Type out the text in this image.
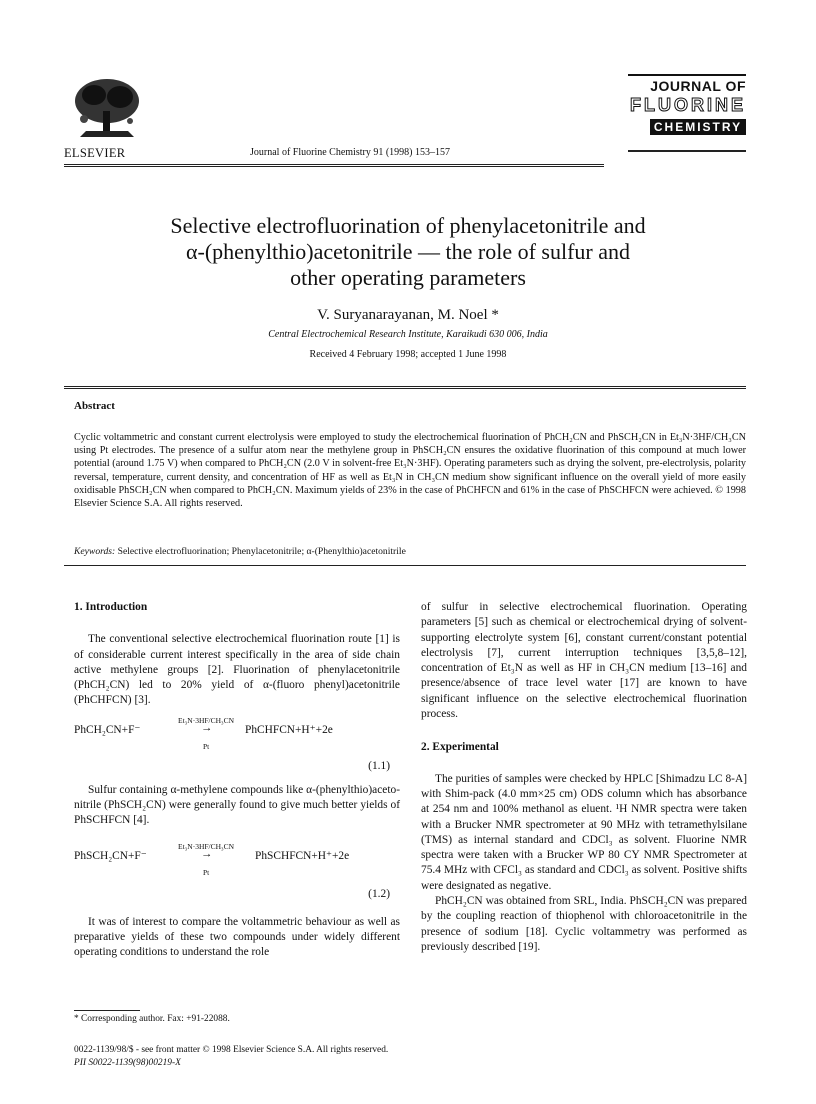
ELSEVIER	Journal of Fluorine Chemistry 91 (1998) 153–157
JOURNAL OF
FLUORINE
CHEMISTRY
Selective electrofluorination of phenylacetonitrile and
α-(phenylthio)acetonitrile — the role of sulfur and
other operating parameters
V. Suryanarayanan, M. Noel *
Central Electrochemical Research Institute, Karaikudi 630 006, India
Received 4 February 1998; accepted 1 June 1998
Abstract
Cyclic voltammetric and constant current electrolysis were employed to study the electrochemical fluorination of PhCH₂CN and PhSCH₂CN in Et₃N·3HF/CH₃CN using Pt electrodes. The presence of a sulfur atom near the methylene group in PhSCH₂CN ensures the oxidative fluorination of this compound at much lower potential (around 1.75 V) when compared to PhCH₂CN (2.0 V in solvent-free Et₃N·3HF). Operating parameters such as drying the solvent, pre-electrolysis, polarity reversal, temperature, current density, and concentration of HF as well as Et₃N in CH₃CN medium show significant influence on the overall yield of more easily oxidisable PhSCH₂CN when compared to PhCH₂CN. Maximum yields of 23% in the case of PhCHFCN and 61% in the case of PhSCHFCN were achieved. © 1998 Elsevier Science S.A. All rights reserved.
Keywords: Selective electrofluorination; Phenylacetonitrile; α-(Phenylthio)acetonitrile
1. Introduction
The conventional selective electrochemical fluorination route [1] is of considerable current interest specifically in the area of side chain active methylene groups [2]. Fluorination of phenylacetonitrile (PhCH₂CN) led to 20% yield of α-(fluoro phenyl)acetonitrile (PhCHFCN) [3].
Et₃N·3HF/CH₃CN
PhCH₂CN+F⁻	→
Pt
PhCHFCN+H⁺+2e
(1.1)
Sulfur containing α-methylene compounds like α-(phenylthio)aceto-nitrile (PhSCH₂CN) were generally found to give much better yields of PhSCHFCN [4].
Et₃N·3HF/CH₃CN
PhSCH₂CN+F⁻	→
Pt
PhSCHFCN+H⁺+2e
(1.2)
It was of interest to compare the voltammetric behaviour as well as preparative yields of these two compounds under widely different operating conditions to understand the role
* Corresponding author. Fax: +91-22088.
of sulfur in selective electrochemical fluorination. Operating parameters [5] such as chemical or electrochemical drying of solvent-supporting electrolyte system [6], constant current/constant potential electrolysis [7], current interruption techniques [3,5,8–12], concentration of Et₃N as well as HF in CH₃CN medium [13–16] and presence/absence of trace level water [17] are known to have significant influence on the selective electrochemical fluorination process.
2. Experimental
The purities of samples were checked by HPLC [Shimadzu LC 8-A] with Shim-pack (4.0 mm×25 cm) ODS column which has absorbance at 254 nm and 100% methanol as eluent. ¹H NMR spectra were taken with a Brucker NMR spectrometer at 90 MHz with tetramethylsilane (TMS) as internal standard and CDCl₃ as solvent. Fluorine NMR spectra were taken with a Brucker WP 80 CY NMR Spectrometer at 75.4 MHz with CFCl₃ as standard and CDCl₃ as solvent. Positive shifts were designated as negative.
PhCH₂CN was obtained from SRL, India. PhSCH₂CN was prepared by the coupling reaction of thiophenol with chloroacetonitrile in the presence of sodium [18]. Cyclic voltammetry was performed as previously described [19].
0022-1139/98/$ - see front matter © 1998 Elsevier Science S.A. All rights reserved.
PII S0022-1139(98)00219-X
